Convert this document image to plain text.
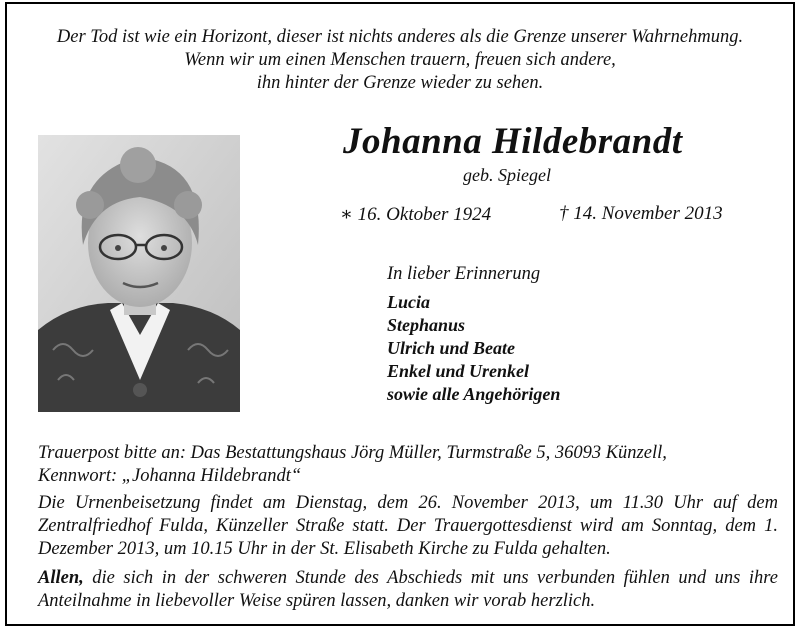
Der Tod ist wie ein Horizont, dieser ist nichts anderes als die Grenze unserer Wahrnehmung.
Wenn wir um einen Menschen trauern, freuen sich andere,
ihn hinter der Grenze wieder zu sehen.
Johanna Hildebrandt
geb. Spiegel
∗ 16. Oktober 1924	† 14. November 2013
In lieber Erinnerung
Lucia
Stephanus
Ulrich und Beate
Enkel und Urenkel
sowie alle Angehörigen
Trauerpost bitte an: Das Bestattungshaus Jörg Müller, Turmstraße 5, 36093 Künzell,
Kennwort: „Johanna Hildebrandt“

Die Urnenbeisetzung findet am Dienstag, dem 26. November 2013, um 11.30 Uhr auf dem Zentralfriedhof Fulda, Künzeller Straße statt. Der Trauergottesdienst wird am Sonntag, dem 1. Dezember 2013, um 10.15 Uhr in der St. Elisabeth Kirche zu Fulda gehalten.

Allen, die sich in der schweren Stunde des Abschieds mit uns verbunden fühlen und uns ihre Anteilnahme in liebevoller Weise spüren lassen, danken wir vorab herzlich.
